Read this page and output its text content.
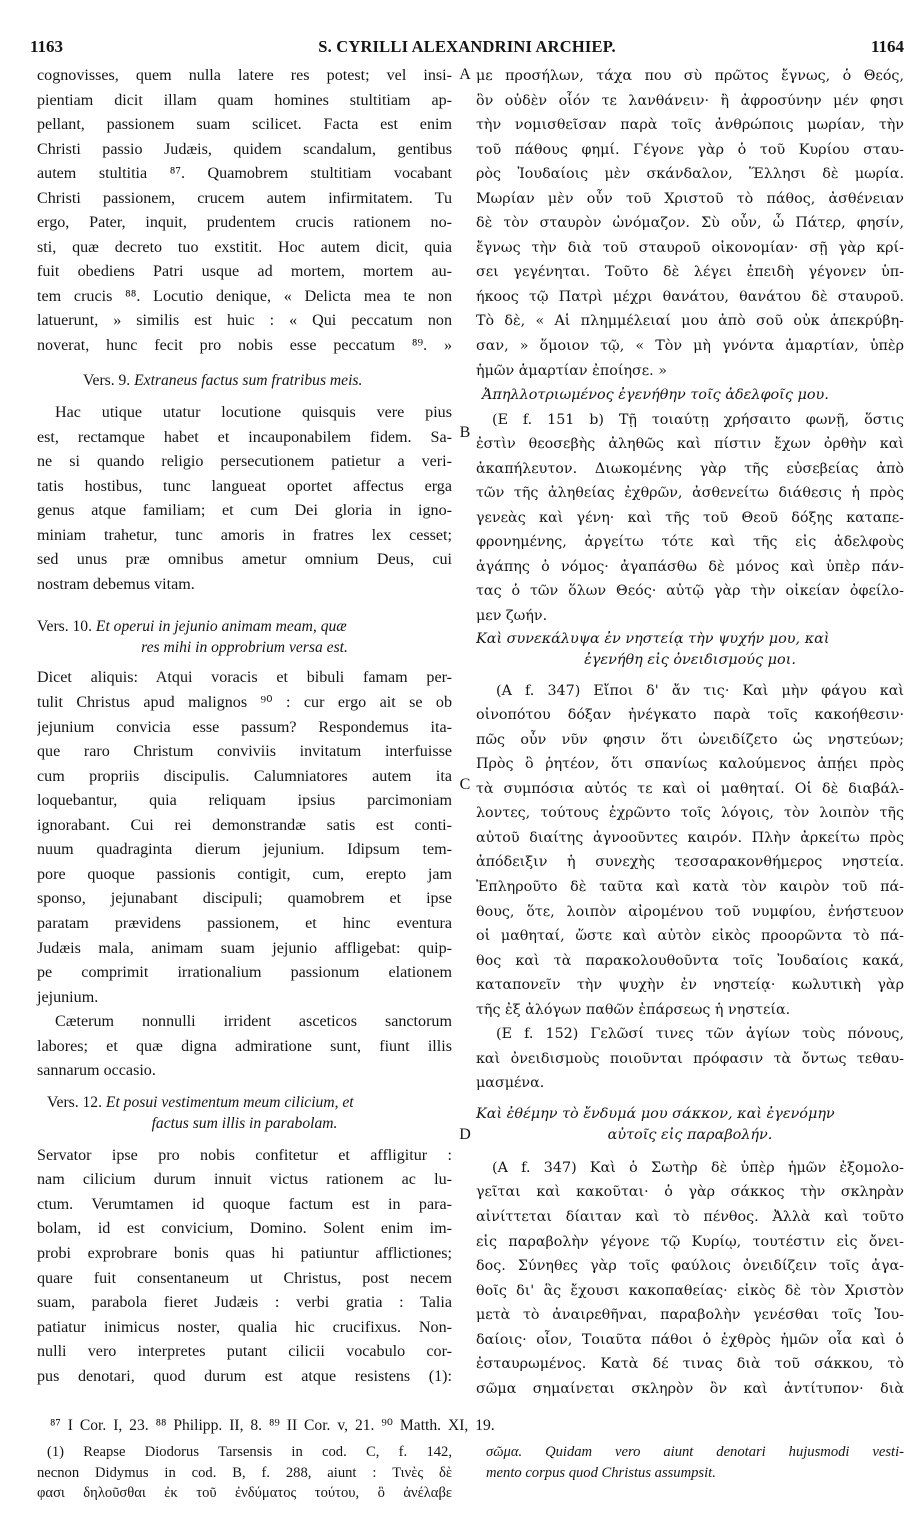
1163	S. CYRILLI ALEXANDRINI ARCHIEP.	1164
A
B
C
D
cognovisses, quem nulla latere res potest; vel insi-
pientiam dicit illam quam homines stultitiam ap-
pellant, passionem suam scilicet. Facta est enim
Christi passio Judæis, quidem scandalum, gentibus
autem stultitia ⁸⁷. Quamobrem stultitiam vocabant
Christi passionem, crucem autem infirmitatem. Tu
ergo, Pater, inquit, prudentem crucis rationem no-
sti, quæ decreto tuo exstitit. Hoc autem dicit, quia
fuit obediens Patri usque ad mortem, mortem au-
tem crucis ⁸⁸. Locutio denique, « Delicta mea te non
latuerunt, » similis est huic : « Qui peccatum non
noverat, hunc fecit pro nobis esse peccatum ⁸⁹. »
Vers. 9. Extraneus factus sum fratribus meis.
Hac utique utatur locutione quisquis vere pius
est, rectamque habet et incauponabilem fidem. Sa-
ne si quando religio persecutionem patietur a veri-
tatis hostibus, tunc langueat oportet affectus erga
genus atque familiam; et cum Dei gloria in igno-
miniam trahetur, tunc amoris in fratres lex cesset;
sed unus præ omnibus ametur omnium Deus, cui
nostram debemus vitam.
Vers. 10. Et operui in jejunio animam meam, quæ
res mihi in opprobrium versa est.
Dicet aliquis: Atqui voracis et bibuli famam per-
tulit Christus apud malignos ⁹⁰ : cur ergo ait se ob
jejunium convicia esse passum? Respondemus ita-
que raro Christum conviviis invitatum interfuisse
cum propriis discipulis. Calumniatores autem ita
loquebantur, quia reliquam ipsius parcimoniam
ignorabant. Cui rei demonstrandæ satis est conti-
nuum quadraginta dierum jejunium. Idipsum tem-
pore quoque passionis contigit, cum, erepto jam
sponso, jejunabant discipuli; quamobrem et ipse
paratam prævidens passionem, et hinc eventura
Judæis mala, animam suam jejunio affligebat: quip-
pe comprimit irrationalium passionum elationem
jejunium.
Cæterum nonnulli irrident asceticos sanctorum
labores; et quæ digna admiratione sunt, fiunt illis
sannarum occasio.
Vers. 12. Et posui vestimentum meum cilicium, et
factus sum illis in parabolam.
Servator ipse pro nobis confitetur et affligitur :
nam cilicium durum innuit victus rationem ac lu-
ctum. Verumtamen id quoque factum est in para-
bolam, id est convicium, Domino. Solent enim im-
probi exprobrare bonis quas hi patiuntur afflictiones;
quare fuit consentaneum ut Christus, post necem
suam, parabola fieret Judæis : verbi gratia : Talia
patiatur inimicus noster, qualia hic crucifixus. Non-
nulli vero interpretes putant cilicii vocabulo cor-
pus denotari, quod durum est atque resistens (1):
με προσήλων, τάχα που σὺ πρῶτος ἔγνως, ὁ Θεός,
ὃν οὐδὲν οἷόν τε λανθάνειν· ἢ ἀφροσύνην μέν φησι
τὴν νομισθεῖσαν παρὰ τοῖς ἀνθρώποις μωρίαν, τὴν
τοῦ πάθους φημί. Γέγονε γὰρ ὁ τοῦ Κυρίου σταυ-
ρὸς Ἰουδαίοις μὲν σκάνδαλον, Ἕλλησι δὲ μωρία.
Μωρίαν μὲν οὖν τοῦ Χριστοῦ τὸ πάθος, ἀσθένειαν
δὲ τὸν σταυρὸν ὠνόμαζον. Σὺ οὖν, ὦ Πάτερ, φησίν,
ἔγνως τὴν διὰ τοῦ σταυροῦ οἰκονομίαν· σῇ γὰρ κρί-
σει γεγένηται. Τοῦτο δὲ λέγει ἐπειδὴ γέγονεν ὑπ-
ήκοος τῷ Πατρὶ μέχρι θανάτου, θανάτου δὲ σταυροῦ.
Τὸ δὲ, « Αἱ πλημμέλειαί μου ἀπὸ σοῦ οὐκ ἀπεκρύβη-
σαν, » ὅμοιον τῷ, « Τὸν μὴ γνόντα ἁμαρτίαν, ὑπὲρ
ἡμῶν ἁμαρτίαν ἐποίησε. »
Ἀπηλλοτριωμένος ἐγενήθην τοῖς ἀδελφοῖς μου.
(E f. 151 b) Τῇ τοιαύτῃ χρήσαιτο φωνῇ, ὅστις
ἐστὶν θεοσεβὴς ἀληθῶς καὶ πίστιν ἔχων ὀρθὴν καὶ
ἀκαπήλευτον. Διωκομένης γὰρ τῆς εὐσεβείας ἀπὸ
τῶν τῆς ἀληθείας ἐχθρῶν, ἀσθενείτω διάθεσις ἡ πρὸς
γενεὰς καὶ γένη· καὶ τῆς τοῦ Θεοῦ δόξης καταπε-
φρονημένης, ἀργείτω τότε καὶ τῆς εἰς ἀδελφοὺς
ἀγάπης ὁ νόμος· ἀγαπάσθω δὲ μόνος καὶ ὑπὲρ πάν-
τας ὁ τῶν ὅλων Θεός· αὐτῷ γὰρ τὴν οἰκείαν ὀφείλο-
μεν ζωήν.
Καὶ συνεκάλυψα ἐν νηστείᾳ τὴν ψυχήν μου, καὶ
ἐγενήθη εἰς ὀνειδισμούς μοι.
(A f. 347) Εἴποι δ' ἄν τις· Καὶ μὴν φάγου καὶ
οἰνοπότου δόξαν ἠνέγκατο παρὰ τοῖς κακοήθεσιν·
πῶς οὖν νῦν φησιν ὅτι ὠνειδίζετο ὡς νηστεύων;
Πρὸς ὃ ῥητέον, ὅτι σπανίως καλούμενος ἀπῄει πρὸς
τὰ συμπόσια αὐτός τε καὶ οἱ μαθηταί. Οἱ δὲ διαβάλ-
λοντες, τούτους ἐχρῶντο τοῖς λόγοις, τὸν λοιπὸν τῆς
αὐτοῦ διαίτης ἀγνοοῦντες καιρόν. Πλὴν ἀρκείτω πρὸς
ἀπόδειξιν ἡ συνεχὴς τεσσαρακονθήμερος νηστεία.
Ἐπληροῦτο δὲ ταῦτα καὶ κατὰ τὸν καιρὸν τοῦ πά-
θους, ὅτε, λοιπὸν αἰρομένου τοῦ νυμφίου, ἐνήστευον
οἱ μαθηταί, ὥστε καὶ αὐτὸν εἰκὸς προορῶντα τὸ πά-
θος καὶ τὰ παρακολουθοῦντα τοῖς Ἰουδαίοις κακά,
καταπονεῖν τὴν ψυχὴν ἐν νηστείᾳ· κωλυτικὴ γὰρ
τῆς ἐξ ἀλόγων παθῶν ἐπάρσεως ἡ νηστεία.
(E f. 152) Γελῶσί τινες τῶν ἁγίων τοὺς πόνους,
καὶ ὀνειδισμοὺς ποιοῦνται πρόφασιν τὰ ὄντως τεθαυ-
μασμένα.
Καὶ ἐθέμην τὸ ἔνδυμά μου σάκκον, καὶ ἐγενόμην
αὐτοῖς εἰς παραβολήν.
(A f. 347) Καὶ ὁ Σωτὴρ δὲ ὑπὲρ ἡμῶν ἐξομολο-
γεῖται καὶ κακοῦται· ὁ γὰρ σάκκος τὴν σκληρὰν
αἰνίττεται δίαιταν καὶ τὸ πένθος. Ἀλλὰ καὶ τοῦτο
εἰς παραβολὴν γέγονε τῷ Κυρίῳ, τουτέστιν εἰς ὄνει-
δος. Σύνηθες γὰρ τοῖς φαύλοις ὀνειδίζειν τοῖς ἀγα-
θοῖς δι' ἃς ἔχουσι κακοπαθείας· εἰκὸς δὲ τὸν Χριστὸν
μετὰ τὸ ἀναιρεθῆναι, παραβολὴν γενέσθαι τοῖς Ἰου-
δαίοις· οἷον, Τοιαῦτα πάθοι ὁ ἐχθρὸς ἡμῶν οἷα καὶ ὁ
ἐσταυρωμένος. Κατὰ δέ τινας διὰ τοῦ σάκκου, τὸ
σῶμα σημαίνεται σκληρὸν ὂν καὶ ἀντίτυπον· διὰ
⁸⁷ I Cor. I, 23. ⁸⁸ Philipp. II, 8. ⁸⁹ II Cor. v, 21. ⁹⁰ Matth. XI, 19.
(1) Reapse Diodorus Tarsensis in cod. C, f. 142,
necnon Didymus in cod. B, f. 288, aiunt : Τινὲς δὲ
φασι δηλοῦσθαι ἐκ τοῦ ἐνδύματος τούτου, ὃ ἀνέλαβε
σῶμα. Quidam vero aiunt denotari hujusmodi vesti-
mento corpus quod Christus assumpsit.
